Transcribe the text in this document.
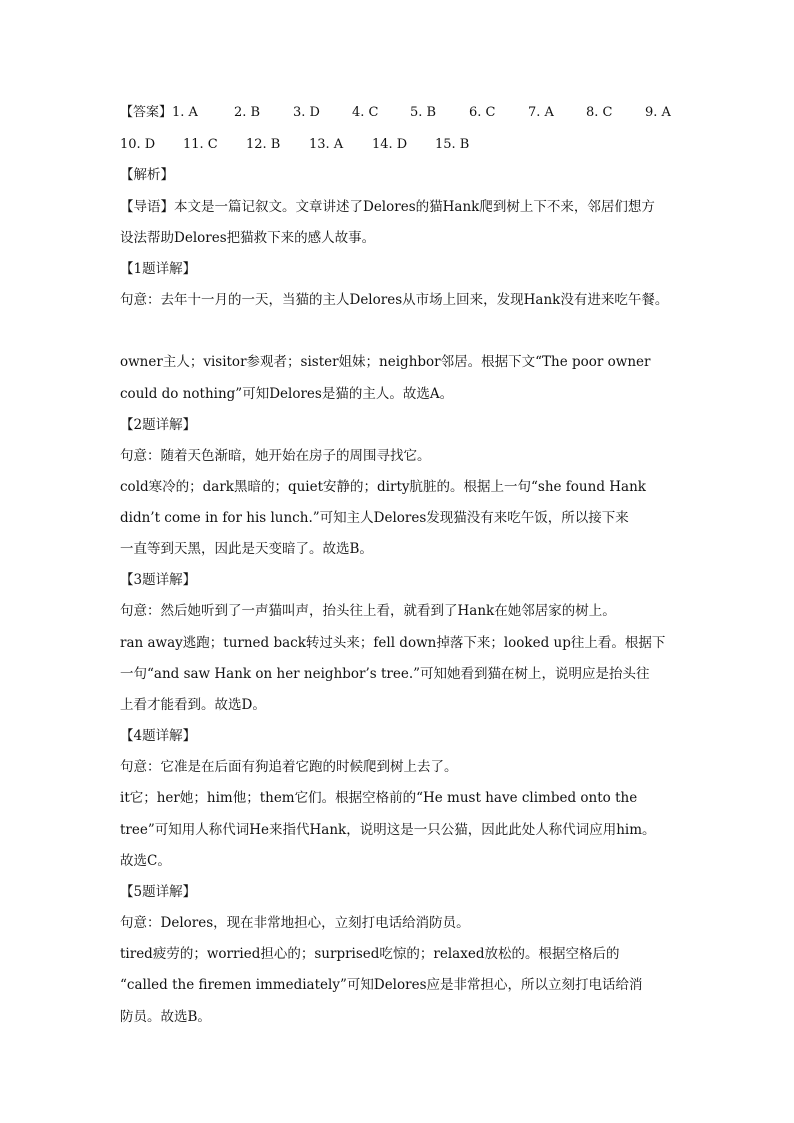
【答案】1. A	2. B	3. D 4. C 5. B	6. C	7. A 8. C	9. A
10. D 11. C 12. B 13. A 14. D 15. B
【解析】
【导语】本文是一篇记叙文。文章讲述了Delores的猫Hank爬到树上下不来，邻居们想方
设法帮助Delores把猫救下来的感人故事。
【1题详解】
句意：去年十一月的一天，当猫的主人Delores从市场上回来，发现Hank没有进来吃午餐。
owner主人；visitor参观者；sister姐妹；neighbor邻居。根据下文“The poor owner
could do nothing”可知Delores是猫的主人。故选A。
【2题详解】
句意：随着天色渐暗，她开始在房子的周围寻找它。
cold寒冷的；dark黑暗的；quiet安静的；dirty肮脏的。根据上一句“she found Hank
didn’t come in for his lunch.”可知主人Delores发现猫没有来吃午饭，所以接下来
一直等到天黑，因此是天变暗了。故选B。
【3题详解】
句意：然后她听到了一声猫叫声，抬头往上看，就看到了Hank在她邻居家的树上。
ran away逃跑；turned back转过头来；fell down掉落下来；looked up往上看。根据下
一句“and saw Hank on her neighbor’s tree.”可知她看到猫在树上，说明应是抬头往
上看才能看到。故选D。
【4题详解】
句意：它准是在后面有狗追着它跑的时候爬到树上去了。
it它；her她；him他；them它们。根据空格前的“He must have climbed onto the
tree”可知用人称代词He来指代Hank，说明这是一只公猫，因此此处人称代词应用him。
故选C。
【5题详解】
句意：Delores，现在非常地担心，立刻打电话给消防员。
tired疲劳的；worried担心的；surprised吃惊的；relaxed放松的。根据空格后的
“called the firemen immediately”可知Delores应是非常担心，所以立刻打电话给消
防员。故选B。
